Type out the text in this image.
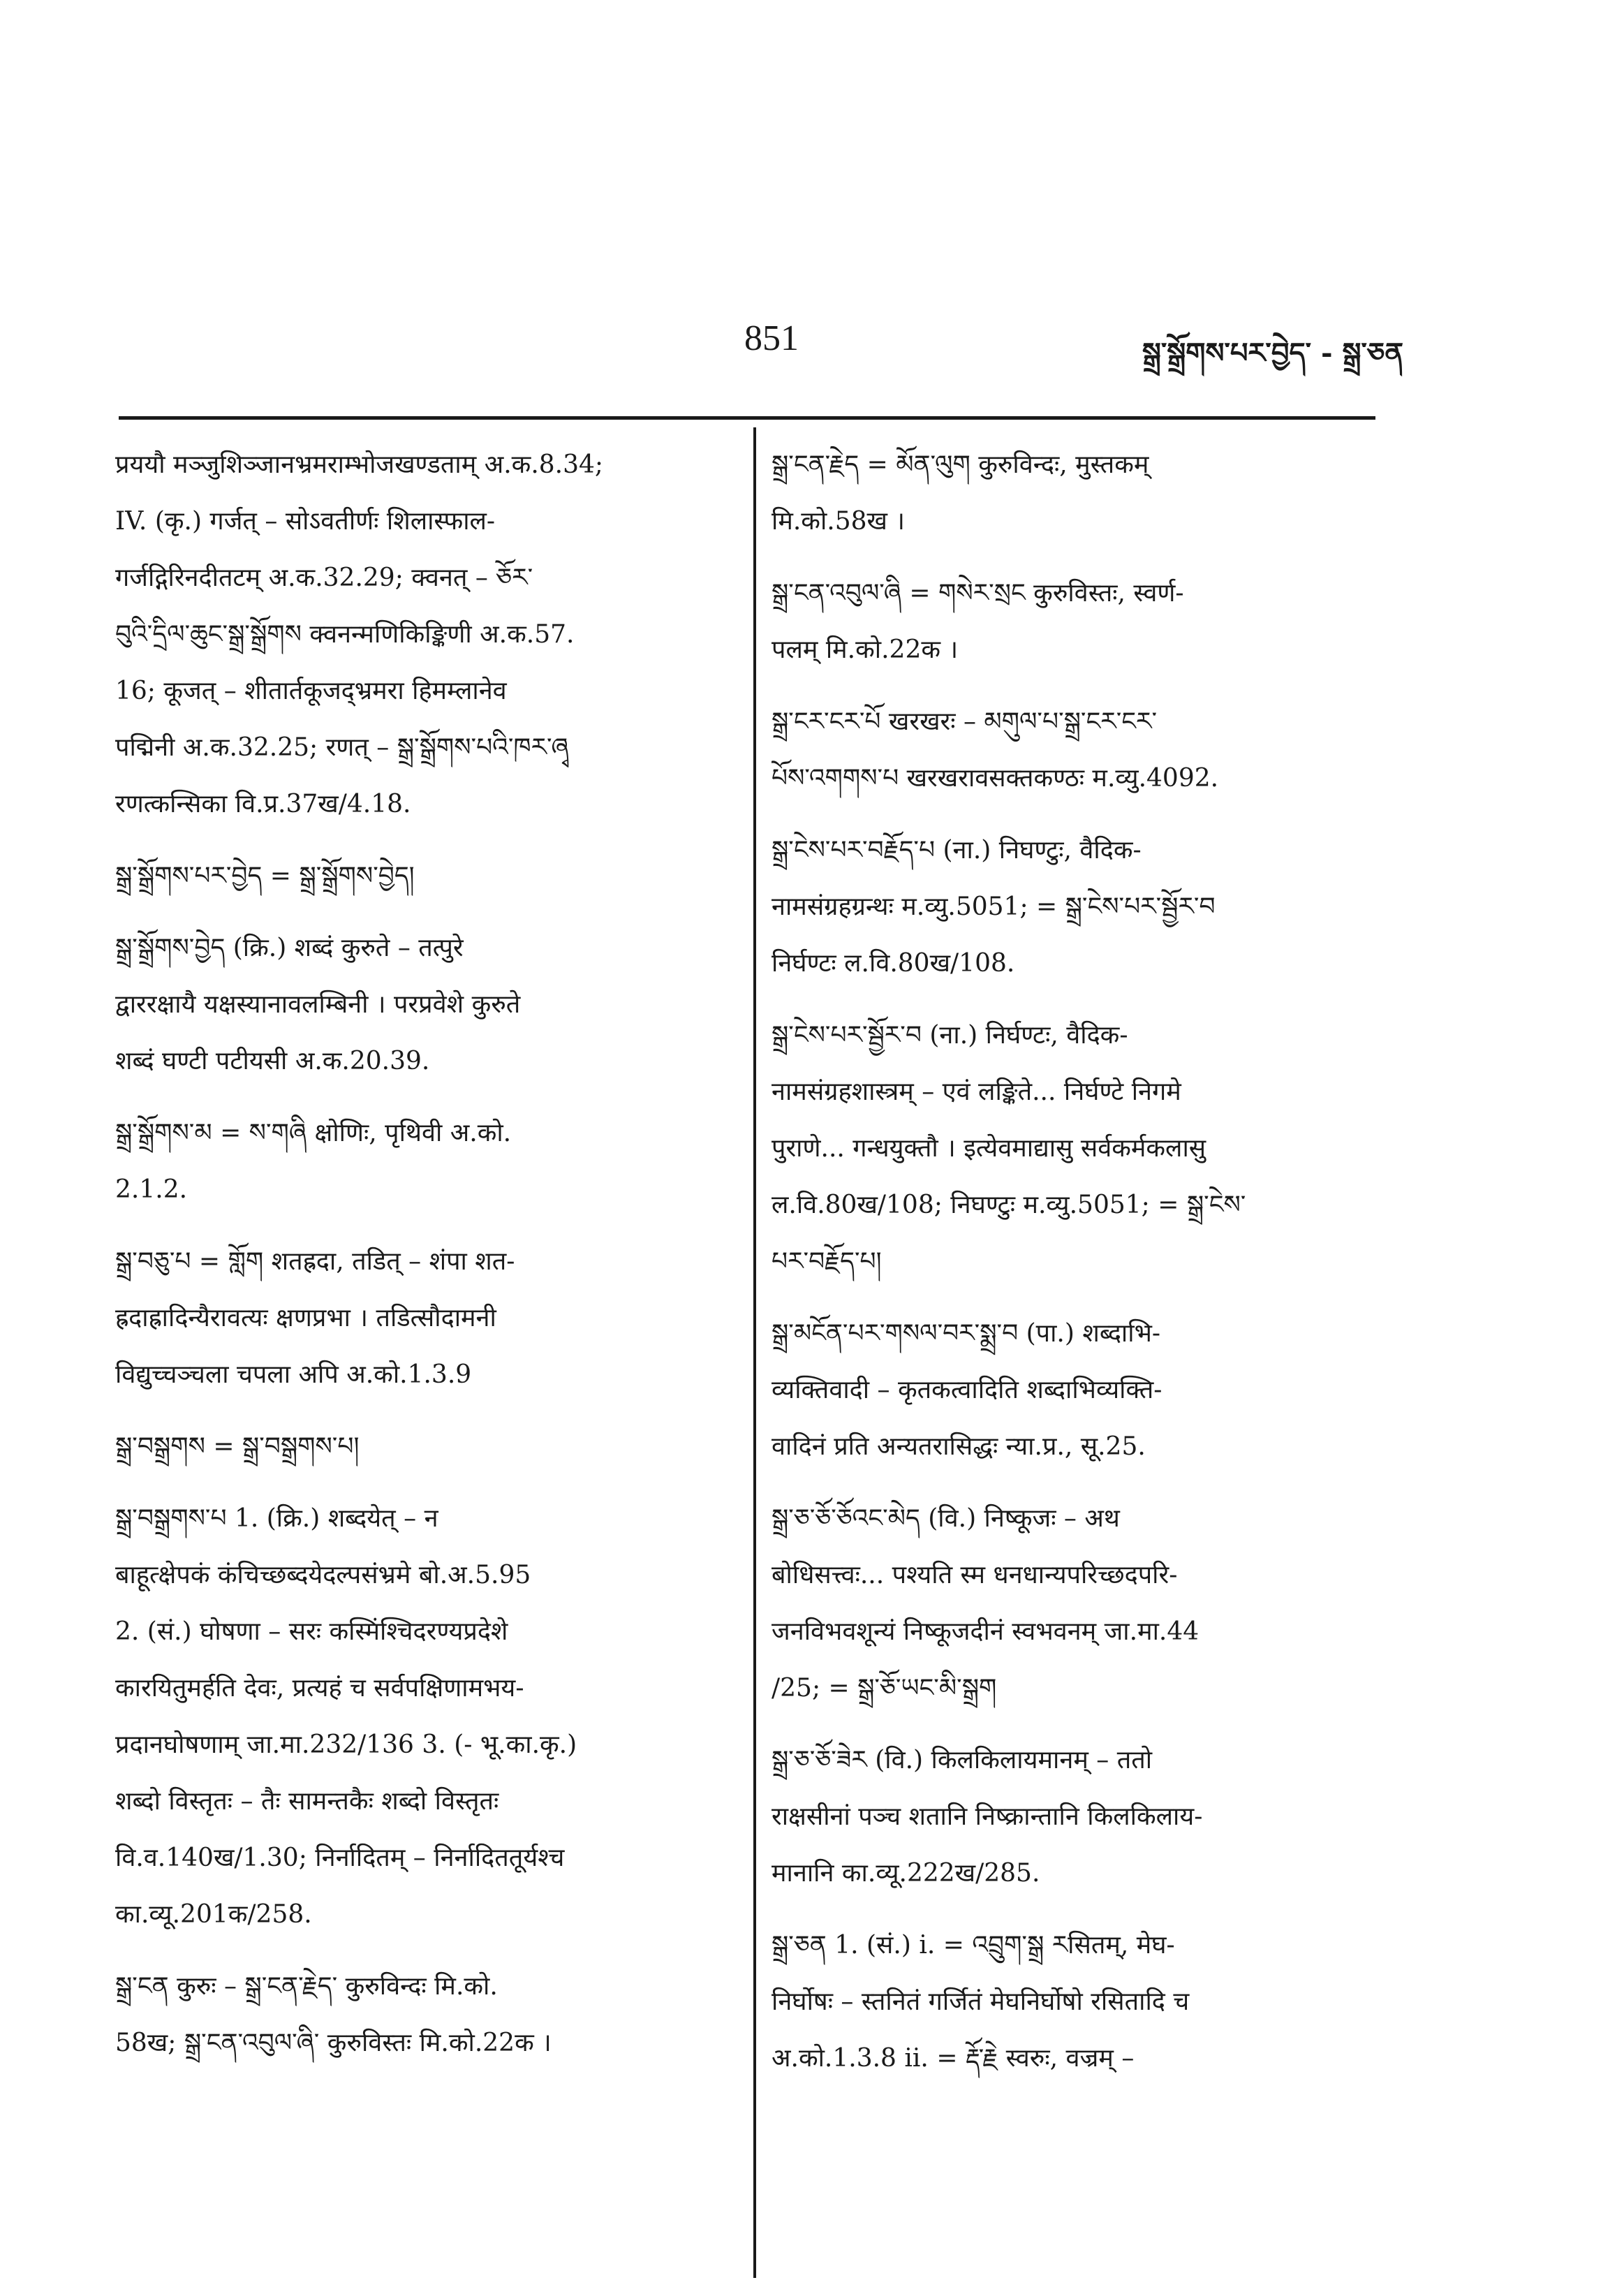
851	སྒྲ་སྒྲོགས་པར་བྱེད་ - སྒྲ་ཅན
प्रययौ मञ्जुशिञ्जानभ्रमराम्भोजखण्डताम् अ.क.8.34;
IV. (कृ.) गर्जत् – सोऽवतीर्णः शिलास्फाल-
गर्जद्गिरिनदीतटम् अ.क.32.29; क्वनत् – ཅོར་
བུའི་དྲིལ་ཆུང་སྒྲ་སྒྲོགས क्वनन्मणिकिङ्किणी अ.क.57.
16; कूजत् – शीतार्तकूजद्भ्रमरा हिमम्लानेव
पद्मिनी अ.क.32.25; रणत् – སྒྲ་སྒྲོགས་པའི་ཁར་ཞྭ
रणत्कन्सिका वि.प्र.37ख/4.18.
སྒྲ་སྒྲོགས་པར་བྱེད = སྒྲ་སྒྲོགས་བྱེད།
སྒྲ་སྒྲོགས་བྱེད (क्रि.) शब्दं कुरुते – तत्पुरे
द्वाररक्षायै यक्षस्यानावलम्बिनी । परप्रवेशे कुरुते
शब्दं घण्टी पटीयसी अ.क.20.39.
སྒྲ་སྒྲོགས་མ = ས་གཞི क्षोणिः, पृथिवी अ.को.
2.1.2.
སྒྲ་བཅུ་པ = གློག शतह्रदा, तडित् – शंपा शत-
ह्रदाह्रादिन्यैरावत्यः क्षणप्रभा । तडित्सौदामनी
विद्युच्चञ्चला चपला अपि अ.को.1.3.9
སྒྲ་བསྒྲགས = སྒྲ་བསྒྲགས་པ།
སྒྲ་བསྒྲགས་པ 1. (क्रि.) शब्दयेत् – न
बाहूत्क्षेपकं कंचिच्छब्दयेदल्पसंभ्रमे बो.अ.5.95
2. (सं.) घोषणा – सरः कस्मिंश्चिदरण्यप्रदेशे
कारयितुमर्हति देवः, प्रत्यहं च सर्वपक्षिणामभय-
प्रदानघोषणाम् जा.मा.232/136 3. (- भू.का.कृ.)
शब्दो विस्तृतः – तैः सामन्तकैः शब्दो विस्तृतः
वि.व.140ख/1.30; निर्नादितम् – निर्नादिततूर्यश्च
का.व्यू.201क/258.
སྒྲ་ངན कुरुः – སྒྲ་ངན་རྗེད་ कुरुविन्दः मि.को.
58ख; སྒྲ་ངན་འབུལ་ཞི་ कुरुविस्तः मि.को.22क ।
སྒྲ་ངན་རྗེད = མོན་ལུག कुरुविन्दः, मुस्तकम्
मि.को.58ख ।
སྒྲ་ངན་འབུལ་ཞི = གསེར་སྲང कुरुविस्तः, स्वर्ण-
पलम् मि.को.22क ।
སྒྲ་ངར་ངར་པོ खरखरः – མགུལ་པ་སྒྲ་ངར་ངར་
པོས་འགགས་པ खरखरावसक्तकण्ठः म.व्यु.4092.
སྒྲ་ངེས་པར་བརྗོད་པ (ना.) निघण्टुः, वैदिक-
नामसंग्रहग्रन्थः म.व्यु.5051; = སྒྲ་ངེས་པར་སྦྱོར་བ
निर्घण्टः ल.वि.80ख/108.
སྒྲ་ངེས་པར་སྦྱོར་བ (ना.) निर्घण्टः, वैदिक-
नामसंग्रहशास्त्रम् – एवं लङ्किते... निर्घण्टे निगमे
पुराणे... गन्धयुक्तौ । इत्येवमाद्यासु सर्वकर्मकलासु
ल.वि.80ख/108; निघण्टुः म.व्यु.5051; = སྒྲ་ངེས་
པར་བརྗོད་པ།
སྒྲ་མངོན་པར་གསལ་བར་སྨྲ་བ (पा.) शब्दाभि-
व्यक्तिवादी – कृतकत्वादिति शब्दाभिव्यक्ति-
वादिनं प्रति अन्यतरासिद्धः न्या.प्र., सू.25.
སྒྲ་ཅ་ཅོ་ཅོའང་མེད (वि.) निष्कूजः – अथ
बोधिसत्त्वः... पश्यति स्म धनधान्यपरिच्छदपरि-
जनविभवशून्यं निष्कूजदीनं स्वभवनम् जा.मा.44
/25; = སྒྲ་ཅོ་ཡང་མི་སྒྲག
སྒྲ་ཅ་ཅོ་ཟེར (वि.) किलकिलायमानम् – ततो
राक्षसीनां पञ्च शतानि निष्क्रान्तानि किलकिलाय-
मानानि का.व्यू.222ख/285.
སྒྲ་ཅན 1. (सं.) i. = འབྲུག་སྒྲ རसितम्, मेघ-
निर्घोषः – स्तनितं गर्जितं मेघनिर्घोषो रसितादि च
अ.को.1.3.8 ii. = རྡོ་རྗེ स्वरुः, वज्रम् –
